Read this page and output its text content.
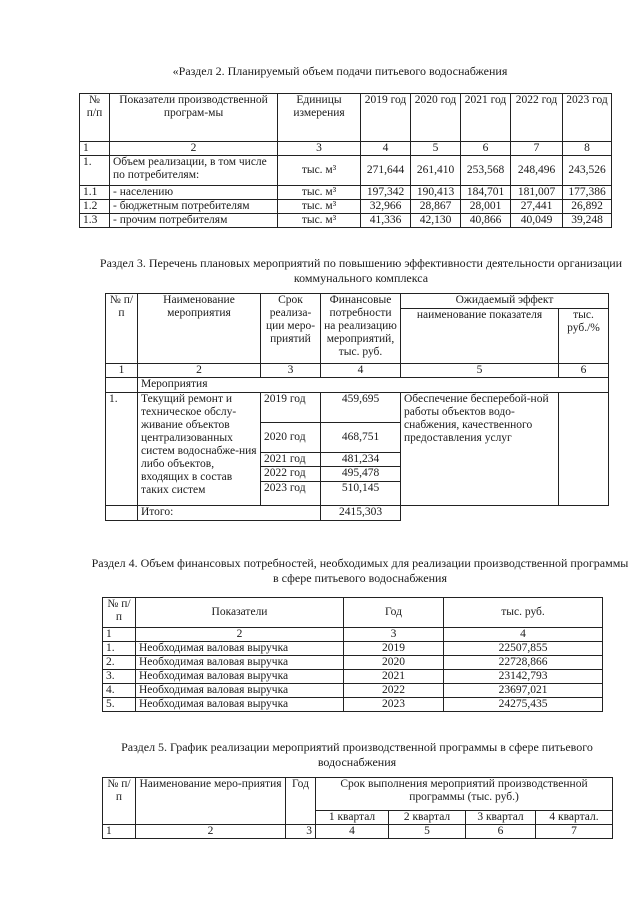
«Раздел 2. Планируемый объем подачи питьевого водоснабжения
№ п/п	Показатели производственной програм-мы	Единицы измерения	2019 год	2020 год	2021 год	2022 год	2023 год
1	2	3	4	5	6	7	8
1.	Объем реализации, в том числе по потребителям:	тыс. м³	271,644	261,410	253,568	248,496	243,526
1.1	- населению	тыс. м³	197,342	190,413	184,701	181,007	177,386
1.2	- бюджетным потребителям	тыс. м³	32,966	28,867	28,001	27,441	26,892
1.3	- прочим потребителям	тыс. м³	41,336	42,130	40,866	40,049	39,248
Раздел 3. Перечень плановых мероприятий по повышению эффективности деятельности организации коммунального комплекса
№ п/п	Наименование мероприятия	Срок реализа-ции меро-приятий	Финансовые потребности на реализацию мероприятий, тыс. руб.	Ожидаемый эффект	
				наименование показателя	тыс. руб./%
1	2	3	4	5	6
	Мероприятия				
1.	Текущий ремонт и техническое обслу-живание объектов централизованных систем водоснабже-ния либо объектов, входящих в состав таких систем	2019 год	459,695	Обеспечение бесперебой-ной работы объектов водо-снабжения, качественного предоставления услуг	
		2020 год	468,751		
		2021 год	481,234		
		2022 год	495,478		
		2023 год	510,145		
	Итого:		2415,303		
Раздел 4. Объем финансовых потребностей, необходимых для реализации производственной программы в сфере питьевого водоснабжения
№ п/п	Показатели	Год	тыс. руб.
1	2	3	4
1.	Необходимая валовая выручка	2019	22507,855
2.	Необходимая валовая выручка	2020	22728,866
3.	Необходимая валовая выручка	2021	23142,793
4.	Необходимая валовая выручка	2022	23697,021
5.	Необходимая валовая выручка	2023	24275,435
Раздел 5. График реализации мероприятий производственной программы в сфере питьевого водоснабжения
№ п/п	Наименование меро-приятия	Год	Срок выполнения мероприятий производственной программы (тыс. руб.)			
			1 квартал	2 квартал	3 квартал	4 квартал.
1	2	3	4	5	6	7
